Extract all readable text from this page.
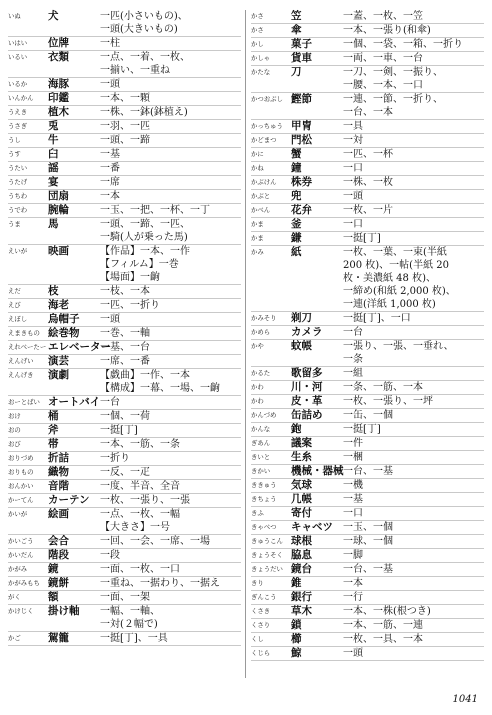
いぬ	犬	一匹(小さいもの)、
一頭(大きいもの)
いはい	位牌	一柱
いるい	衣類	一点、一着、一枚、
一揃い、一重ね
いるか	海豚	一頭
いんかん	印鑑	一本、一顆
うえき	植木	一株、一鉢(鉢植え)
うさぎ	兎	一羽、一匹
うし	牛	一頭、一蹄
うす	臼	一基
うたい	謡	一番
うたげ	宴	一席
うちわ	団扇	一本
うでわ	腕輪	一玉、一把、一杯、一丁
うま	馬	一頭、一蹄、一匹、
一騎(人が乗った馬)
えいが	映画	【作品】一本、一作
【フィルム】一巻
【場面】一齣
えだ	枝	一枝、一本
えび	海老	一匹、一折り
えぼし	烏帽子	一頭
えまきもの 絵巻物	一巻、一軸
えれべーたー エレベーター
一基、一台
えんげい	演芸	一席、一番
えんげき	演劇	【戯曲】一作、一本
【構成】一幕、一場、一齣
おーとばい オートバイ 一台
おけ	桶	一個、一荷
おの	斧	一挺[丁]
おび	帯	一本、一筋、一条
おりづめ	折詰	一折り
おりもの	織物	一反、一疋
おんかい	音階	一度、半音、全音
かーてん	カーテン	一枚、一張り、一張
かいが	絵画	一点、一枚、一幅
【大きさ】一号
かいごう	会合	一回、一会、一席、一場
かいだん	階段	一段
かがみ	鏡	一面、一枚、一口
かがみもち 鏡餅	一重ね、一据わり、一据え
がく	額	一面、一架
かけじく	掛け軸	一幅、一軸、
一対(２幅で)
かご	駕籠	一挺[丁]、一具
かさ	笠	一蓋、一枚、一笠
かさ	傘	一本、一張り(和傘)
かし	菓子	一個、一袋、一箱、一折り
かしゃ	貨車	一両、一車、一台
かたな	刀	一刀、一剣、一振り、
一腰、一本、一口
かつおぶし 鰹節	一連、一節、一折り、
一台、一本
かっちゅう 甲冑	一具
かどまつ	門松	一対
かに	蟹	一匹、一杯
かね	鐘	一口
かぶけん	株券	一株、一枚
かぶと	兜	一頭
かべん	花弁	一枚、一片
かま	釜	一口
かま	鎌	一挺[丁]
かみ	紙	一枚、一葉、一束(半紙
200 枚)、一帖(半紙 20
枚・美濃紙 48 枚)、
一締め(和紙 2,000 枚)、
一連(洋紙 1,000 枚)
かみそり	剃刀	一挺[丁]、一口
かめら	カメラ	一台
かや	蚊帳	一張り、一張、一垂れ、
一条
かるた	歌留多	一組
かわ	川・河	一条、一筋、一本
かわ	皮・革	一枚、一張り、一坪
かんづめ	缶詰め	一缶、一個
かんな	鉋	一挺[丁]
ぎあん	議案	一件
きいと	生糸	一梱
きかい	機械・器械 一台、一基
ききゅう	気球	一機
きちょう	几帳	一基
きふ	寄付	一口
きゃべつ	キャベツ	一玉、一個
きゅうこん 球根	一球、一個
きょうそく 脇息	一脚
きょうだい 鏡台	一台、一基
きり	錐	一本
ぎんこう	銀行	一行
くさき	草木	一本、一株(根つき)
くさり	鎖	一本、一筋、一連
くし	櫛	一枚、一具、一本
くじら	鯨	一頭
1041
